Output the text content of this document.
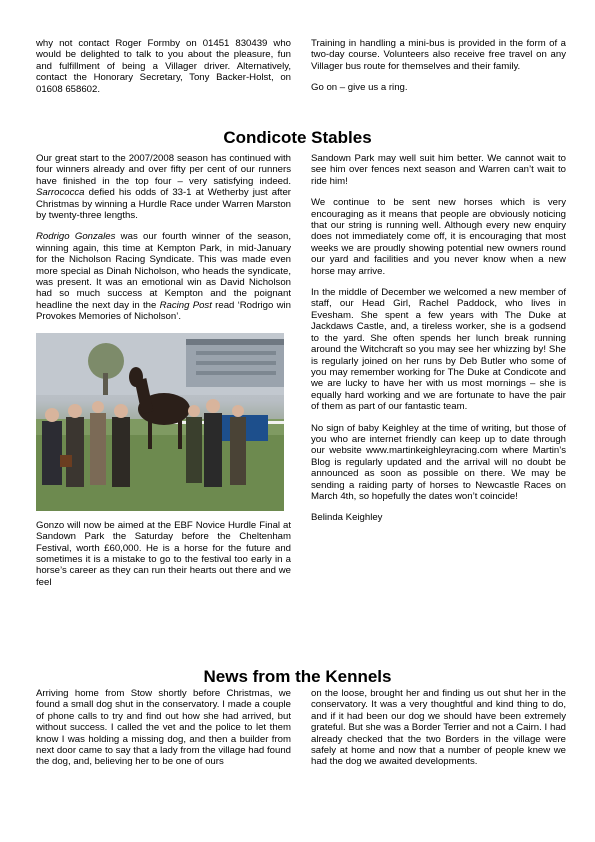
why not contact Roger Formby on 01451 830439 who would be delighted to talk to you about the pleasure, fun and fulfillment of being a Villager driver. Alternatively, contact the Honorary Secretary, Tony Backer-Holst, on 01608 658602.

Training in handling a mini-bus is provided in the form of a two-day course. Volunteers also receive free travel on any Villager bus route for themselves and their family.

Go on – give us a ring.

Condicote Stables

Our great start to the 2007/2008 season has continued with four winners already and over fifty per cent of our runners have finished in the top four – very satisfying indeed. Sarrococca defied his odds of 33-1 at Wetherby just after Christmas by winning a Hurdle Race under Warren Marston by twenty-three lengths.

Rodrigo Gonzales was our fourth winner of the season, winning again, this time at Kempton Park, in mid-January for the Nicholson Racing Syndicate. This was made even more special as Dinah Nicholson, who heads the syndicate, was present. It was an emotional win as David Nicholson had so much success at Kempton and the poignant headline the next day in the Racing Post read ‘Rodrigo win Provokes Memories of Nicholson’.

Gonzo will now be aimed at the EBF Novice Hurdle Final at Sandown Park the Saturday before the Cheltenham Festival, worth £60,000. He is a horse for the future and sometimes it is a mistake to go to the festival too early in a horse’s career as they can run their hearts out there and we feel

Sandown Park may well suit him better. We cannot wait to see him over fences next season and Warren can’t wait to ride him!

We continue to be sent new horses which is very encouraging as it means that people are obviously noticing that our string is running well. Although every new enquiry does not immediately come off, it is encouraging that most weeks we are proudly showing potential new owners round our yard and facilities and you never know when a new horse may arrive.

In the middle of December we welcomed a new member of staff, our Head Girl, Rachel Paddock, who lives in Evesham. She spent a few years with The Duke at Jackdaws Castle, and, a tireless worker, she is a godsend to the yard. She often spends her lunch break running around the Witchcraft so you may see her whizzing by! She is regularly joined on her runs by Deb Butler who some of you may remember working for The Duke at Condicote and we are lucky to have her with us most mornings – she is equally hard working and we are fortunate to have the pair of them as part of our fantastic team.

No sign of baby Keighley at the time of writing, but those of you who are internet friendly can keep up to date through our website www.martinkeighleyracing.com where Martin’s Blog is regularly updated and the arrival will no doubt be announced as soon as possible on there. We may be sending a raiding party of horses to Newcastle Races on March 4th, so hopefully the dates won’t coincide!

Belinda Keighley

News from the Kennels

Arriving home from Stow shortly before Christmas, we found a small dog shut in the conservatory. I made a couple of phone calls to try and find out how she had arrived, but without success. I called the vet and the police to let them know I was holding a missing dog, and then a builder from next door came to say that a lady from the village had found the dog, and, believing her to be one of ours

on the loose, brought her and finding us out shut her in the conservatory. It was a very thoughtful and kind thing to do, and if it had been our dog we should have been extremely grateful. But she was a Border Terrier and not a Cairn. I had already checked that the two Borders in the village were safely at home and now that a number of people knew we had the dog we awaited developments.
